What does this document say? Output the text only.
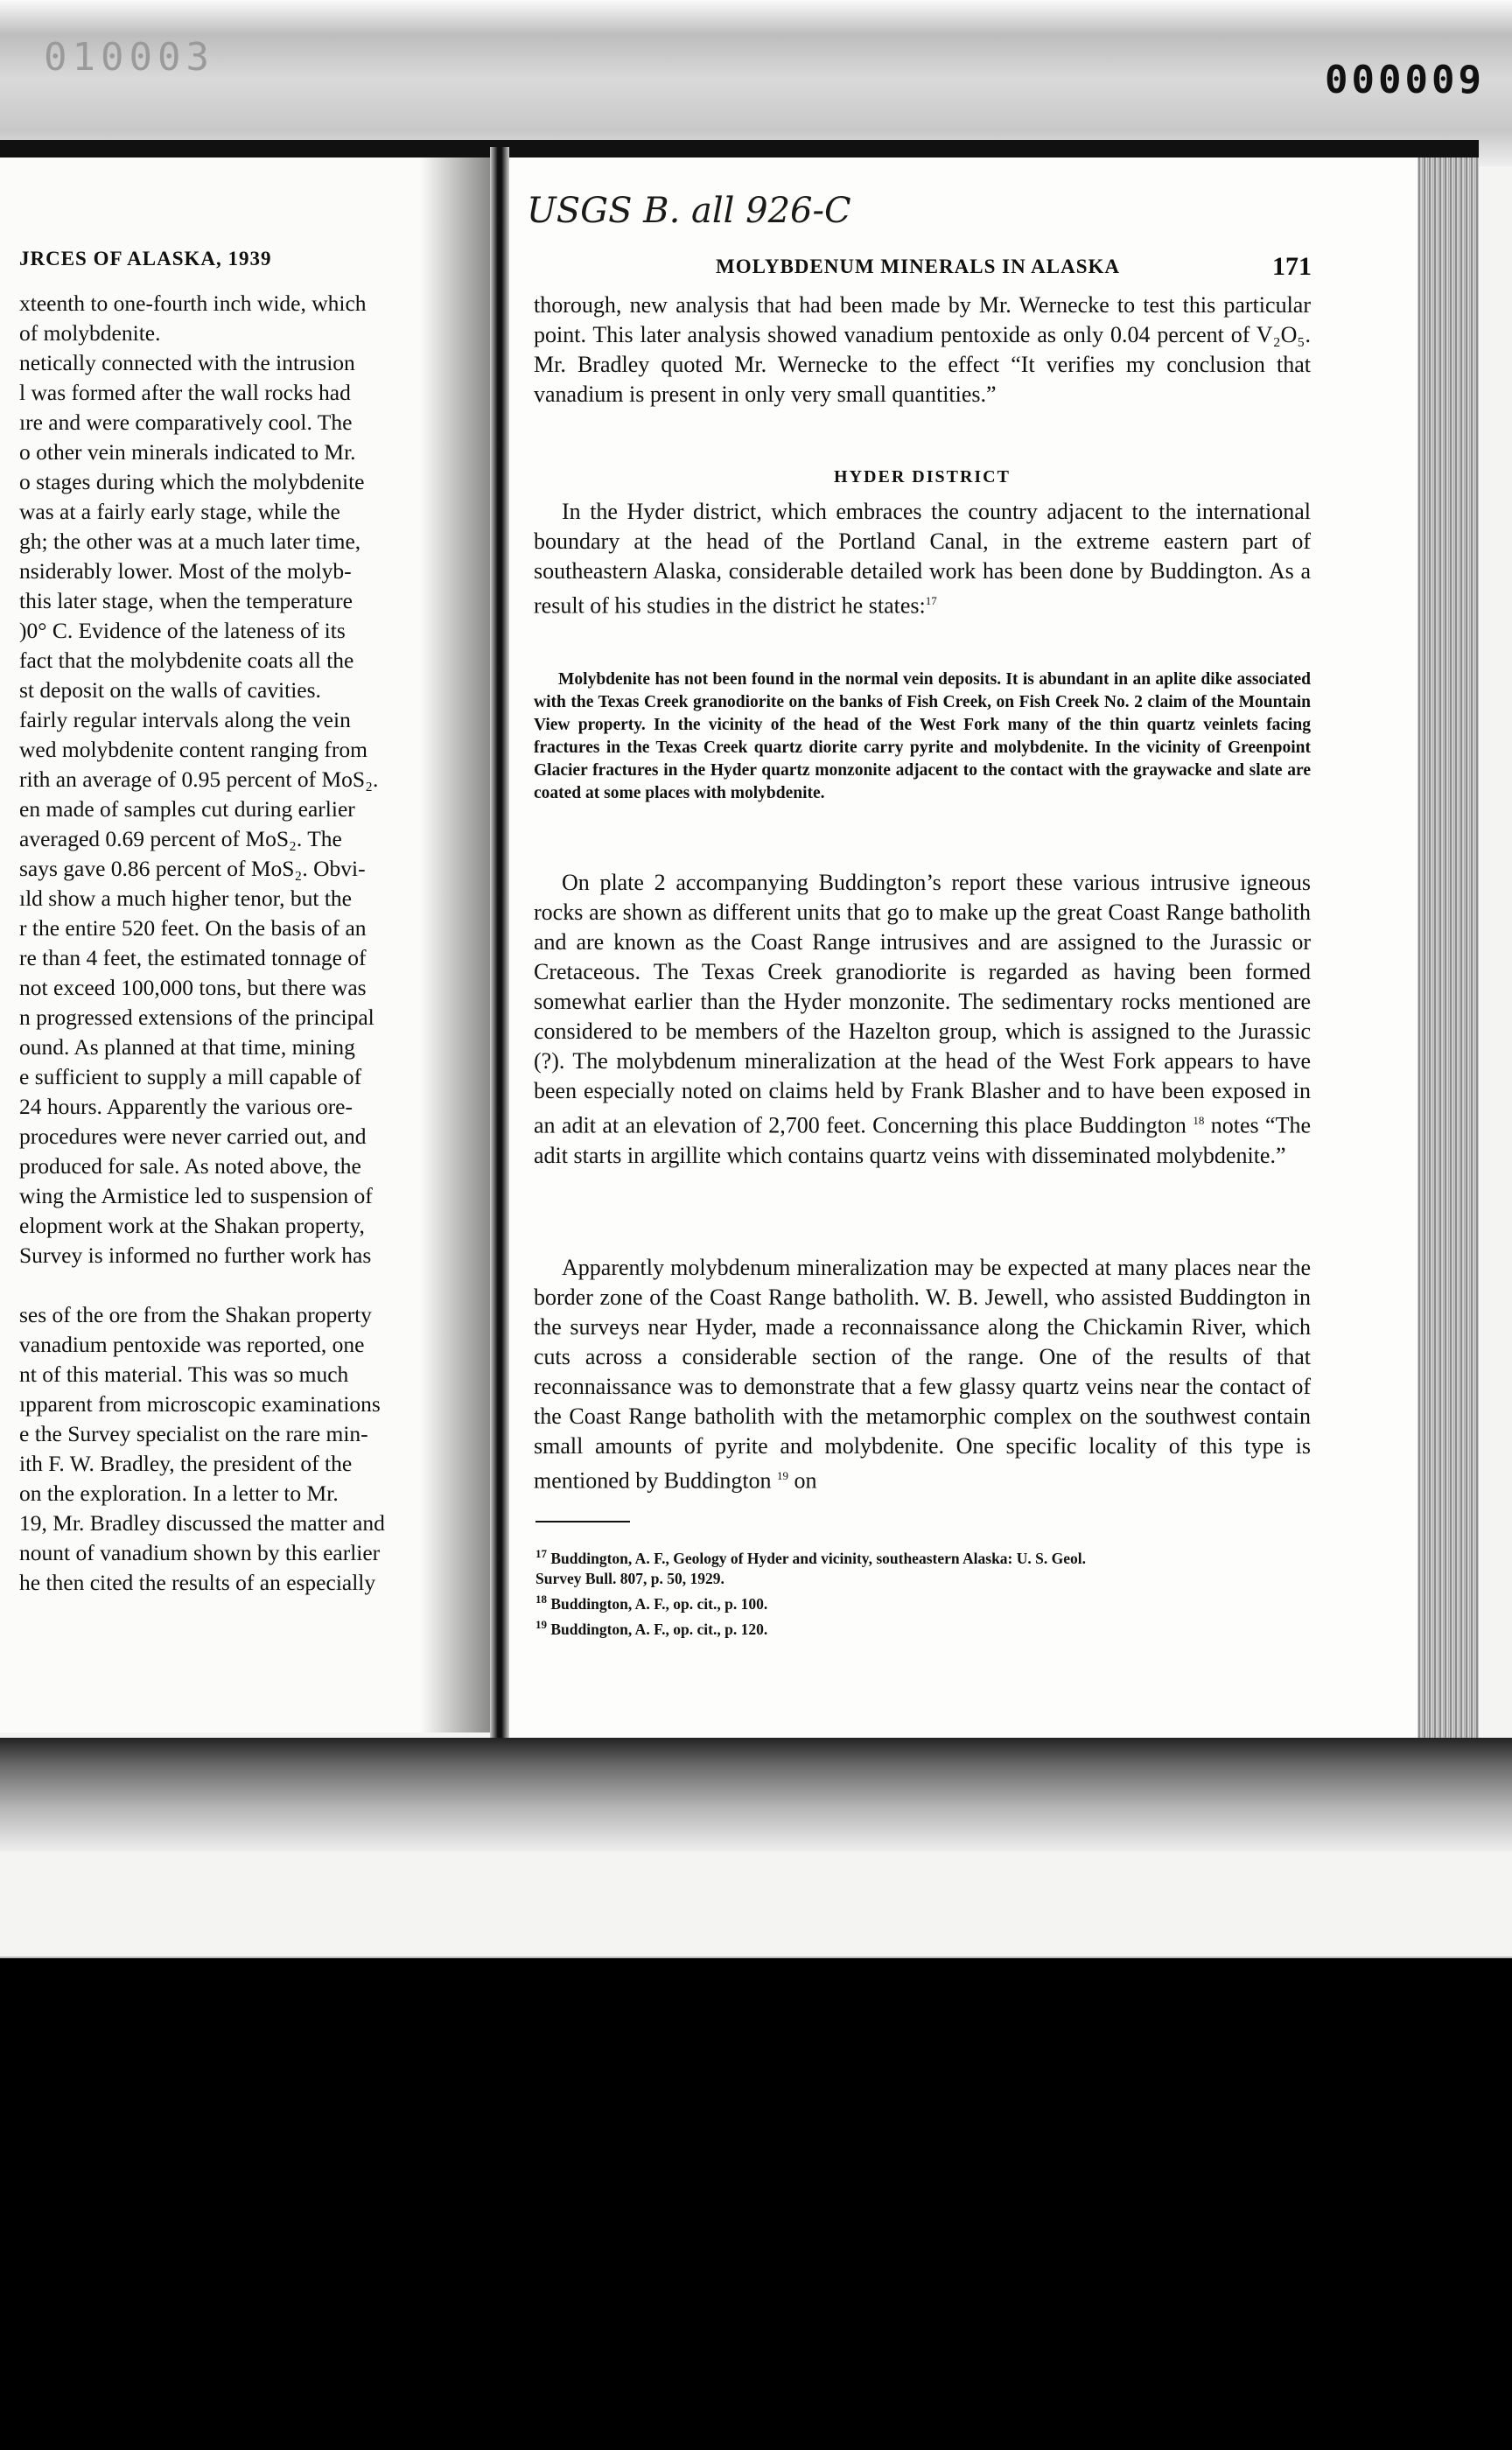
010003
000009
JRCES OF ALASKA, 1939
xteenth to one-fourth inch wide, which
of molybdenite.
netically connected with the intrusion
l was formed after the wall rocks had
ıre and were comparatively cool. The
o other vein minerals indicated to Mr.
o stages during which the molybdenite
was at a fairly early stage, while the
gh; the other was at a much later time,
nsiderably lower. Most of the molyb-
this later stage, when the temperature
)0° C. Evidence of the lateness of its
fact that the molybdenite coats all the
st deposit on the walls of cavities.
fairly regular intervals along the vein
wed molybdenite content ranging from
rith an average of 0.95 percent of MoS₂.
en made of samples cut during earlier
averaged 0.69 percent of MoS₂. The
says gave 0.86 percent of MoS₂. Obvi-
ıld show a much higher tenor, but the
r the entire 520 feet. On the basis of an
re than 4 feet, the estimated tonnage of
not exceed 100,000 tons, but there was
n progressed extensions of the principal
ound. As planned at that time, mining
e sufficient to supply a mill capable of
24 hours. Apparently the various ore-
procedures were never carried out, and
produced for sale. As noted above, the
wing the Armistice led to suspension of
elopment work at the Shakan property,
Survey is informed no further work has
ses of the ore from the Shakan property
vanadium pentoxide was reported, one
nt of this material. This was so much
ıpparent from microscopic examinations
e the Survey specialist on the rare min-
ith F. W. Bradley, the president of the
on the exploration. In a letter to Mr.
19, Mr. Bradley discussed the matter and
nount of vanadium shown by this earlier
he then cited the results of an especially
USGS B. all 926-C
MOLYBDENUM MINERALS IN ALASKA	171

thorough, new analysis that had been made by Mr. Wernecke to test this particular point. This later analysis showed vanadium pentoxide as only 0.04 percent of V₂O₅. Mr. Bradley quoted Mr. Wernecke to the effect “It verifies my conclusion that vanadium is present in only very small quantities.”

HYDER DISTRICT

In the Hyder district, which embraces the country adjacent to the international boundary at the head of the Portland Canal, in the extreme eastern part of southeastern Alaska, considerable detailed work has been done by Buddington. As a result of his studies in the district he states:$^{17}$

Molybdenite has not been found in the normal vein deposits. It is abundant in an aplite dike associated with the Texas Creek granodiorite on the banks of Fish Creek, on Fish Creek No. 2 claim of the Mountain View property. In the vicinity of the head of the West Fork many of the thin quartz veinlets facing fractures in the Texas Creek quartz diorite carry pyrite and molybdenite. In the vicinity of Greenpoint Glacier fractures in the Hyder quartz monzonite adjacent to the contact with the graywacke and slate are coated at some places with molybdenite.

On plate 2 accompanying Buddington’s report these various intrusive igneous rocks are shown as different units that go to make up the great Coast Range batholith and are known as the Coast Range intrusives and are assigned to the Jurassic or Cretaceous. The Texas Creek granodiorite is regarded as having been formed somewhat earlier than the Hyder monzonite. The sedimentary rocks mentioned are considered to be members of the Hazelton group, which is assigned to the Jurassic (?). The molybdenum mineralization at the head of the West Fork appears to have been especially noted on claims held by Frank Blasher and to have been exposed in an adit at an elevation of 2,700 feet. Concerning this place Buddington $^{18}$ notes “The adit starts in argillite which contains quartz veins with disseminated molybdenite.”

Apparently molybdenum mineralization may be expected at many places near the border zone of the Coast Range batholith. W. B. Jewell, who assisted Buddington in the surveys near Hyder, made a reconnaissance along the Chickamin River, which cuts across a considerable section of the range. One of the results of that reconnaissance was to demonstrate that a few glassy quartz veins near the contact of the Coast Range batholith with the metamorphic complex on the southwest contain small amounts of pyrite and molybdenite. One specific locality of this type is mentioned by Buddington $^{19}$ on

$^{17}$ Buddington, A. F., Geology of Hyder and vicinity, southeastern Alaska: U. S. Geol.
Survey Bull. 807, p. 50, 1929.
$^{18}$ Buddington, A. F., op. cit., p. 100.
$^{19}$ Buddington, A. F., op. cit., p. 120.
